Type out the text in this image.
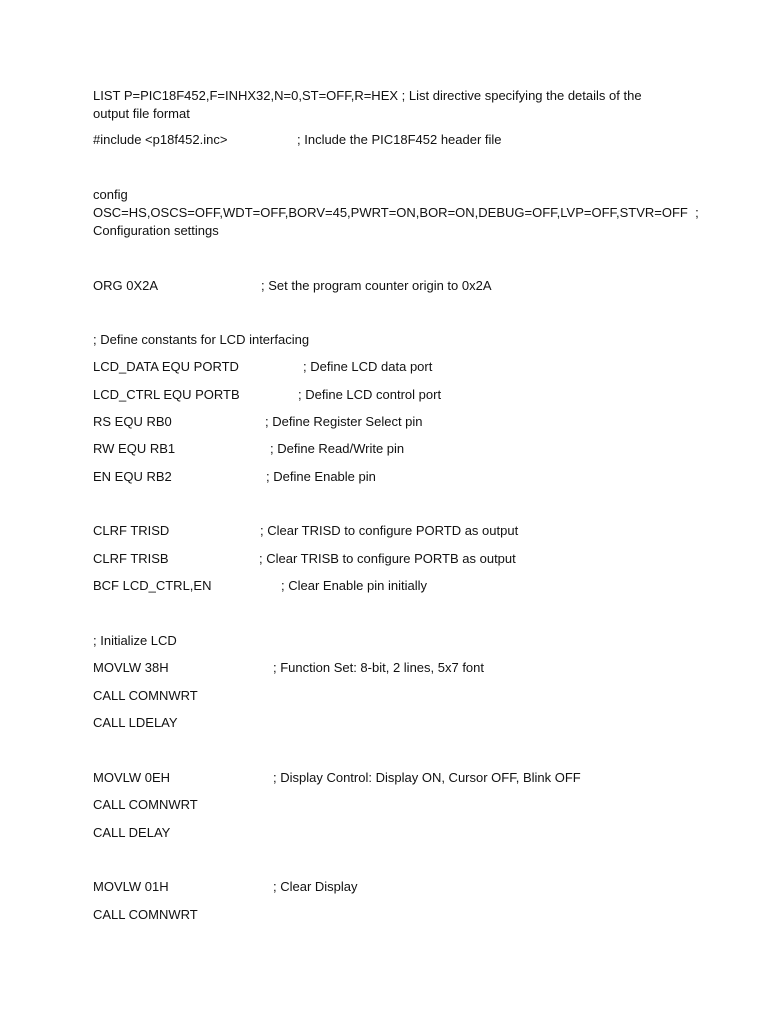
LIST P=PIC18F452,F=INHX32,N=0,ST=OFF,R=HEX ; List directive specifying the details of the output file format
#include <p18f452.inc>	; Include the PIC18F452 header file
config
OSC=HS,OSCS=OFF,WDT=OFF,BORV=45,PWRT=ON,BOR=ON,DEBUG=OFF,LVP=OFF,STVR=OFF  ;
Configuration settings
ORG 0X2A	; Set the program counter origin to 0x2A
; Define constants for LCD interfacing
LCD_DATA EQU PORTD	; Define LCD data port
LCD_CTRL EQU PORTB	; Define LCD control port
RS EQU RB0	; Define Register Select pin
RW EQU RB1	; Define Read/Write pin
EN EQU RB2	; Define Enable pin
CLRF TRISD	; Clear TRISD to configure PORTD as output
CLRF TRISB	; Clear TRISB to configure PORTB as output
BCF LCD_CTRL,EN	; Clear Enable pin initially
; Initialize LCD
MOVLW 38H	; Function Set: 8-bit, 2 lines, 5x7 font
CALL COMNWRT
CALL LDELAY
MOVLW 0EH	; Display Control: Display ON, Cursor OFF, Blink OFF
CALL COMNWRT
CALL DELAY
MOVLW 01H	; Clear Display
CALL COMNWRT
